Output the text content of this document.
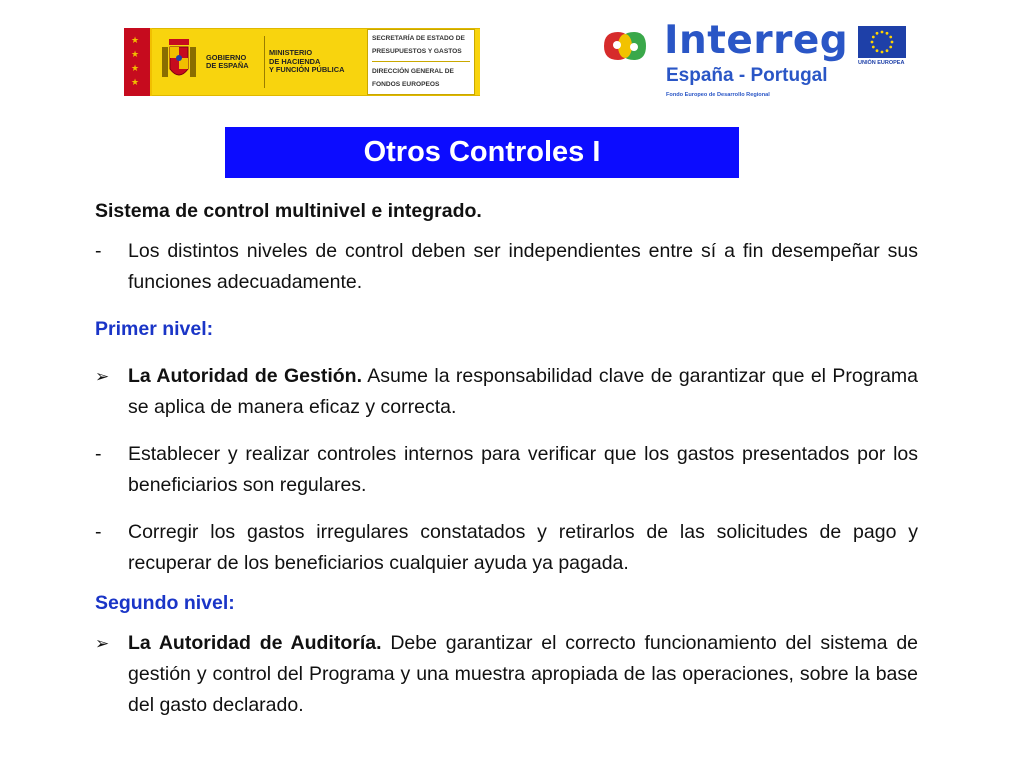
★
★
★
★
GOBIERNO
DE ESPAÑA
MINISTERIO
DE HACIENDA
Y FUNCIÓN PÚBLICA
SECRETARÍA DE ESTADO DE
PRESUPUESTOS Y GASTOS
DIRECCIÓN GENERAL DE
FONDOS EUROPEOS
Interreg
España - Portugal
Fondo Europeo de Desarrollo Regional
UNIÓN EUROPEA
Otros Controles I

Sistema de control multinivel e integrado.

-	Los distintos niveles de control deben ser independientes entre sí a fin desempeñar sus funciones adecuadamente.

Primer nivel:

➢ La Autoridad de Gestión. Asume la responsabilidad clave de garantizar que el Programa se aplica de manera eficaz y correcta.
-	Establecer y realizar controles internos para verificar que los gastos presentados por los beneficiarios son regulares.
-	Corregir los gastos irregulares constatados y retirarlos de las solicitudes de pago y recuperar de los beneficiarios cualquier ayuda ya pagada.

Segundo nivel:

➢ La Autoridad de Auditoría. Debe garantizar el correcto funcionamiento del sistema de gestión y control del Programa y una muestra apropiada de las operaciones, sobre la base del gasto declarado.
